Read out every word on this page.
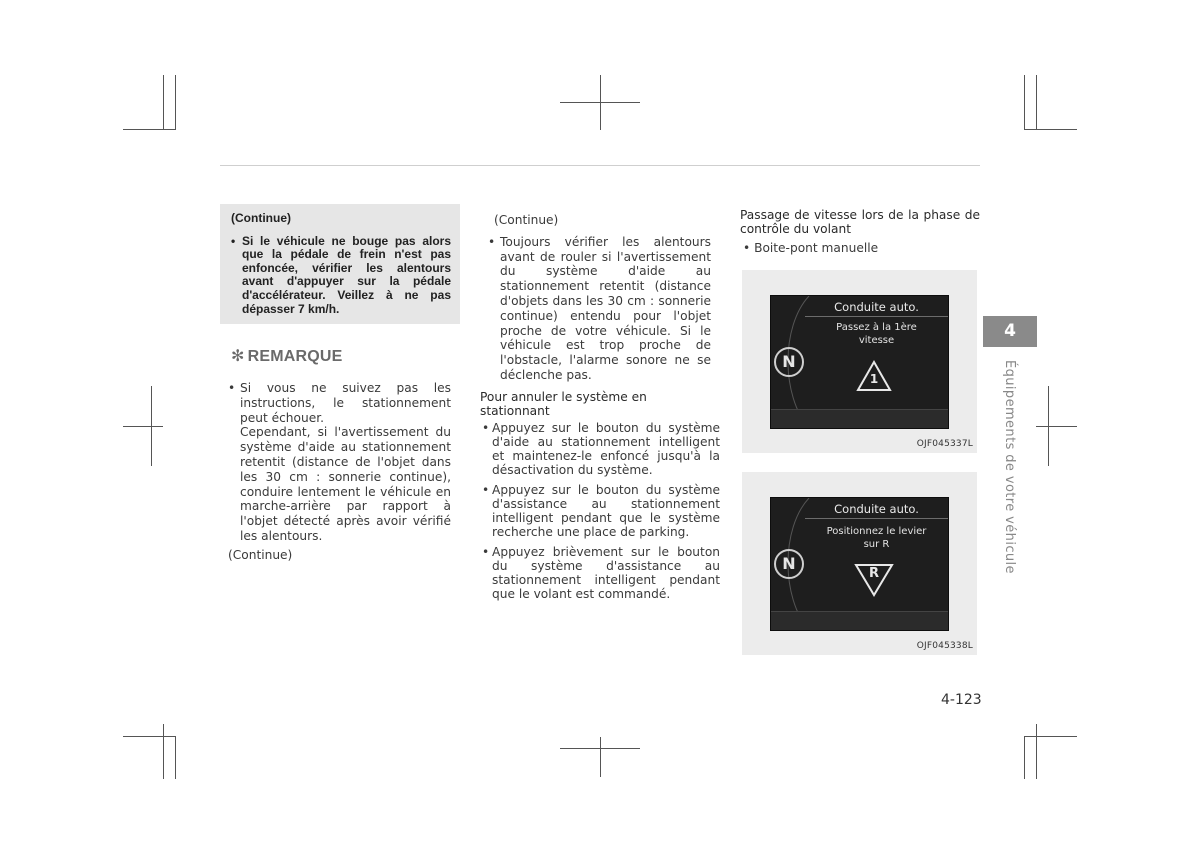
(Continue)
• Si le véhicule ne bouge pas alors que la pédale de frein n'est pas enfoncée, vérifier les alentours avant d'appuyer sur la pédale d'accélérateur. Veillez à ne pas dépasser 7 km/h.
✻ REMARQUE
• Si vous ne suivez pas les instructions, le stationnement peut échouer.
Cependant, si l'avertissement du système d'aide au stationnement retentit (distance de l'objet dans les 30 cm : sonnerie continue), conduire lentement le véhicule en marche-arrière par rapport à l'objet détecté après avoir vérifié les alentours.
(Continue)
(Continue)
• Toujours vérifier les alentours avant de rouler si l'avertissement du système d'aide au stationnement retentit (distance d'objets dans les 30 cm : sonnerie continue) entendu pour l'objet proche de votre véhicule. Si le véhicule est trop proche de l'obstacle, l'alarme sonore ne se déclenche pas.
Pour annuler le système en stationnant
• Appuyez sur le bouton du système d'aide au stationnement intelligent et maintenez-le enfoncé jusqu'à la désactivation du système.
• Appuyez sur le bouton du système d'assistance au stationnement intelligent pendant que le système recherche une place de parking.
• Appuyez brièvement sur le bouton du système d'assistance au stationnement intelligent pendant que le volant est commandé.
Passage de vitesse lors de la phase de contrôle du volant
• Boite-pont manuelle
Conduite auto.
Passez à la 1ère
vitesse
N
1
OJF045337L
Conduite auto.
Positionnez le levier
sur R
N
R
OJF045338L
4
Équipements de votre véhicule
4-123
